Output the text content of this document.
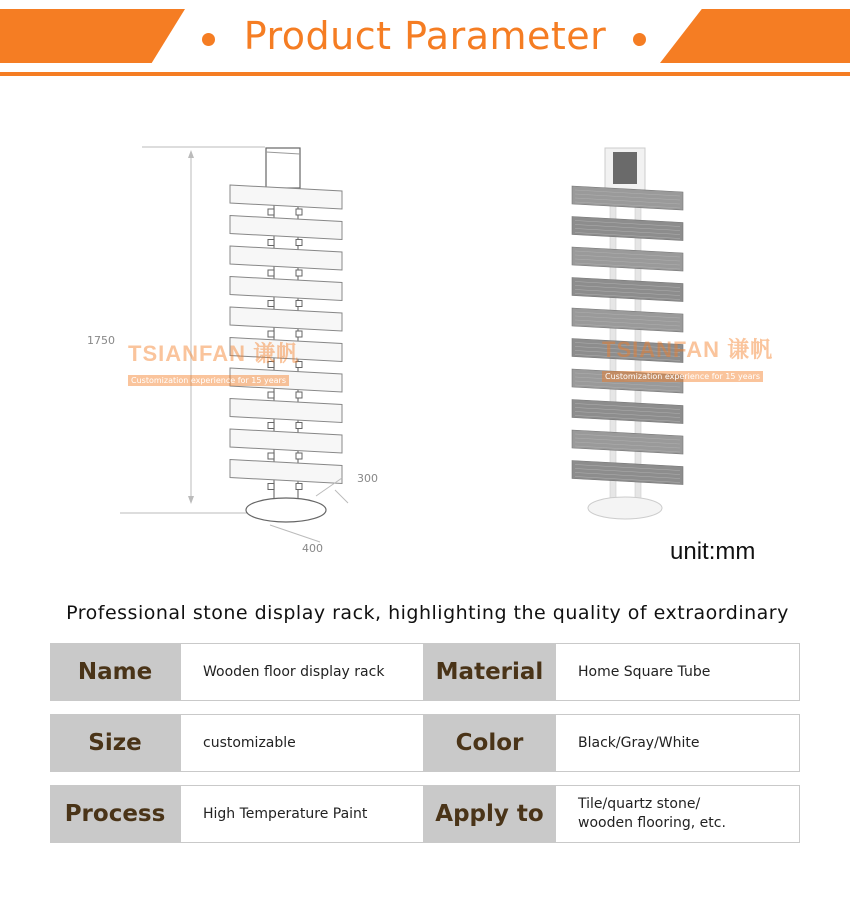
Product Parameter
1750
300
400
TSIANFAN 谦帆
Customization experience for 15 years
TSIANFAN 谦帆
Customization experience for 15 years
unit:mm
Professional stone display rack, highlighting the quality of extraordinary
Name	Wooden floor display rack	Material	Home Square Tube
Size	customizable	Color	Black/Gray/White
Process	High Temperature Paint	Apply to	Tile/quartz stone/ wooden flooring, etc.
